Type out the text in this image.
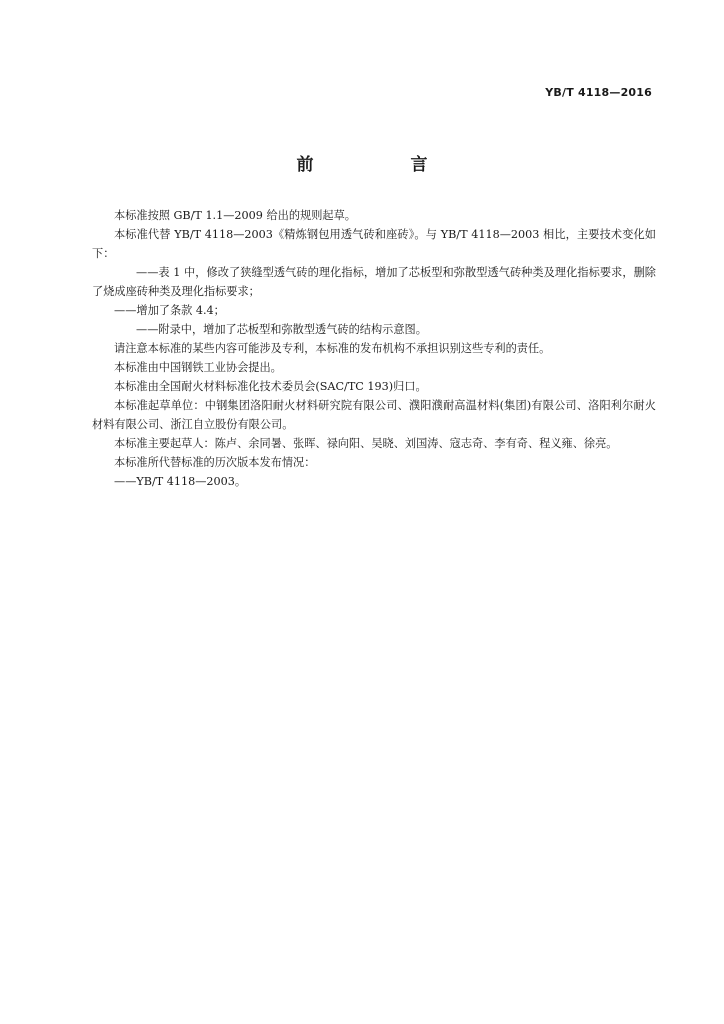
YB/T 4118—2016
前　言

本标准按照 GB/T 1.1—2009 给出的规则起草。

本标准代替 YB/T 4118—2003《精炼钢包用透气砖和座砖》。与 YB/T 4118—2003 相比，主要技术变化如下：

——表 1 中，修改了狭缝型透气砖的理化指标，增加了芯板型和弥散型透气砖种类及理化指标要求，删除了烧成座砖种类及理化指标要求；

——增加了条款 4.4；

——附录中，增加了芯板型和弥散型透气砖的结构示意图。

请注意本标准的某些内容可能涉及专利，本标准的发布机构不承担识别这些专利的责任。

本标准由中国钢铁工业协会提出。

本标准由全国耐火材料标准化技术委员会(SAC/TC 193)归口。

本标准起草单位：中钢集团洛阳耐火材料研究院有限公司、濮阳濮耐高温材料(集团)有限公司、洛阳利尔耐火材料有限公司、浙江自立股份有限公司。

本标准主要起草人：陈卢、余同暑、张晖、禄向阳、吴晓、刘国涛、寇志奇、李有奇、程义雍、徐亮。

本标准所代替标准的历次版本发布情况：

——YB/T 4118—2003。
